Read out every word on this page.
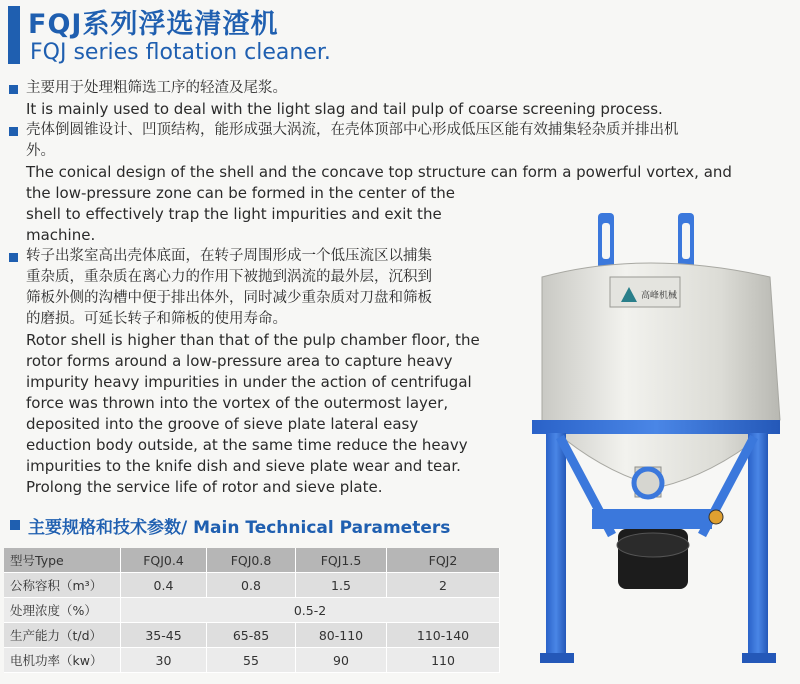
FQJ系列浮选清渣机
FQJ series flotation cleaner.
主要用于处理粗筛选工序的轻渣及尾浆。
It is mainly used to deal with the light slag and tail pulp of coarse screening process.
壳体倒圆锥设计、凹顶结构，能形成强大涡流，在壳体顶部中心形成低压区能有效捕集轻杂质并排出机
外。
The conical design of the shell and the concave top structure can form a powerful vortex, and
the low-pressure zone can be formed in the center of the
shell to effectively trap the light impurities and exit the
machine.
转子出浆室高出壳体底面，在转子周围形成一个低压流区以捕集
重杂质，重杂质在离心力的作用下被抛到涡流的最外层，沉积到
筛板外侧的沟槽中便于排出体外，同时减少重杂质对刀盘和筛板
的磨损。可延长转子和筛板的使用寿命。
Rotor shell is higher than that of the pulp chamber floor, the
rotor forms around a low-pressure area to capture heavy
impurity heavy impurities in under the action of centrifugal
force was thrown into the vortex of the outermost layer,
deposited into the groove of sieve plate lateral easy
eduction body outside, at the same time reduce the heavy
impurities to the knife dish and sieve plate wear and tear.
Prolong the service life of rotor and sieve plate.
高峰机械
主要规格和技术参数/ Main Technical Parameters
型号Type	FQJ0.4	FQJ0.8	FQJ1.5	FQJ2
公称容积（m³）	0.4	0.8	1.5	2
处理浓度（%）	0.5-2			
生产能力（t/d）	35-45	65-85	80-110	110-140
电机功率（kw）	30	55	90	110
